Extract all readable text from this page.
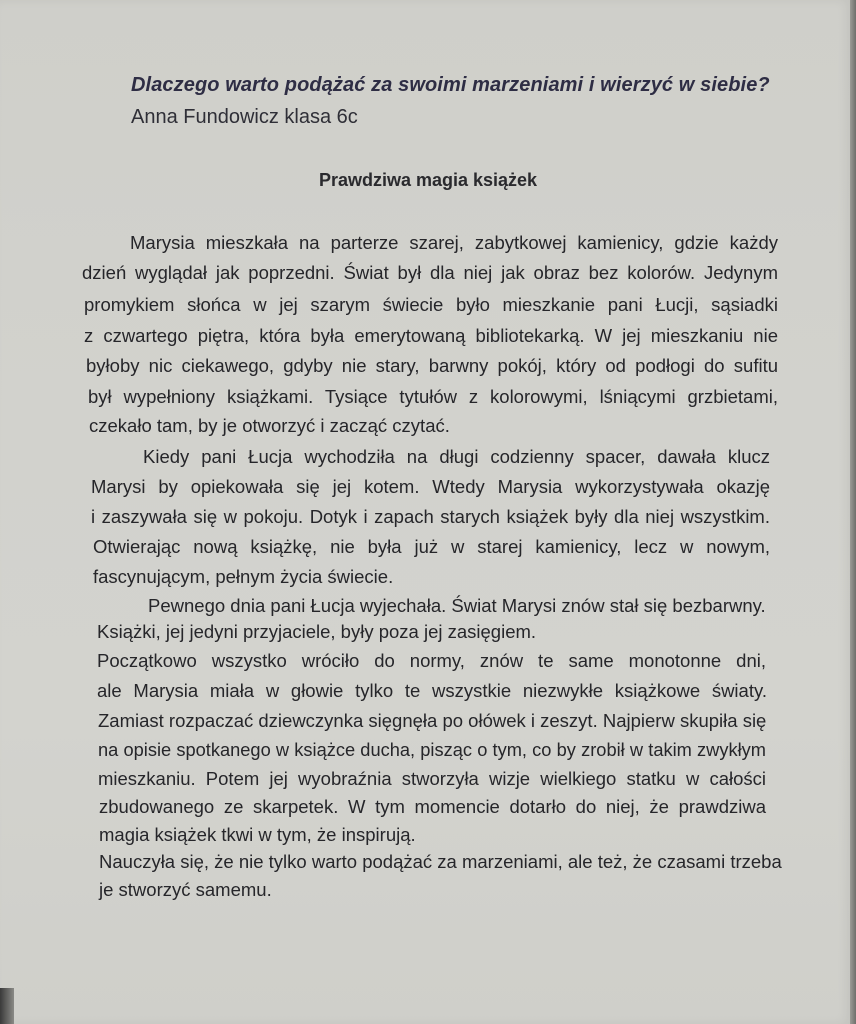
Dlaczego warto podążać za swoimi marzeniami i wierzyć w siebie?
Anna Fundowicz klasa 6c
Prawdziwa magia książek
Marysia mieszkała na parterze szarej, zabytkowej kamienicy, gdzie każdy
dzień wyglądał jak poprzedni. Świat był dla niej jak obraz bez kolorów. Jedynym
promykiem słońca w jej szarym świecie było mieszkanie pani Łucji, sąsiadki
z czwartego piętra, która była emerytowaną bibliotekarką. W jej mieszkaniu nie
byłoby nic ciekawego, gdyby nie stary, barwny pokój, który od podłogi do sufitu
był wypełniony książkami. Tysiące tytułów z kolorowymi, lśniącymi grzbietami,
czekało tam, by je otworzyć i zacząć czytać.
Kiedy pani Łucja wychodziła na długi codzienny spacer, dawała klucz
Marysi by opiekowała się jej kotem. Wtedy Marysia wykorzystywała okazję
i zaszywała się w pokoju. Dotyk i zapach starych książek były dla niej wszystkim.
Otwierając nową książkę, nie była już w starej kamienicy, lecz w nowym,
fascynującym, pełnym życia świecie.
Pewnego dnia pani Łucja wyjechała. Świat Marysi znów stał się bezbarwny.
Książki, jej jedyni przyjaciele, były poza jej zasięgiem.
Początkowo wszystko wróciło do normy, znów te same monotonne dni,
ale Marysia miała w głowie tylko te wszystkie niezwykłe książkowe światy.
Zamiast rozpaczać dziewczynka sięgnęła po ołówek i zeszyt. Najpierw skupiła się
na opisie spotkanego w książce ducha, pisząc o tym, co by zrobił w takim zwykłym
mieszkaniu. Potem jej wyobraźnia stworzyła wizje wielkiego statku w całości
zbudowanego ze skarpetek. W tym momencie dotarło do niej, że prawdziwa
magia książek tkwi w tym, że inspirują.
Nauczyła się, że nie tylko warto podążać za marzeniami, ale też, że czasami trzeba
je stworzyć samemu.
